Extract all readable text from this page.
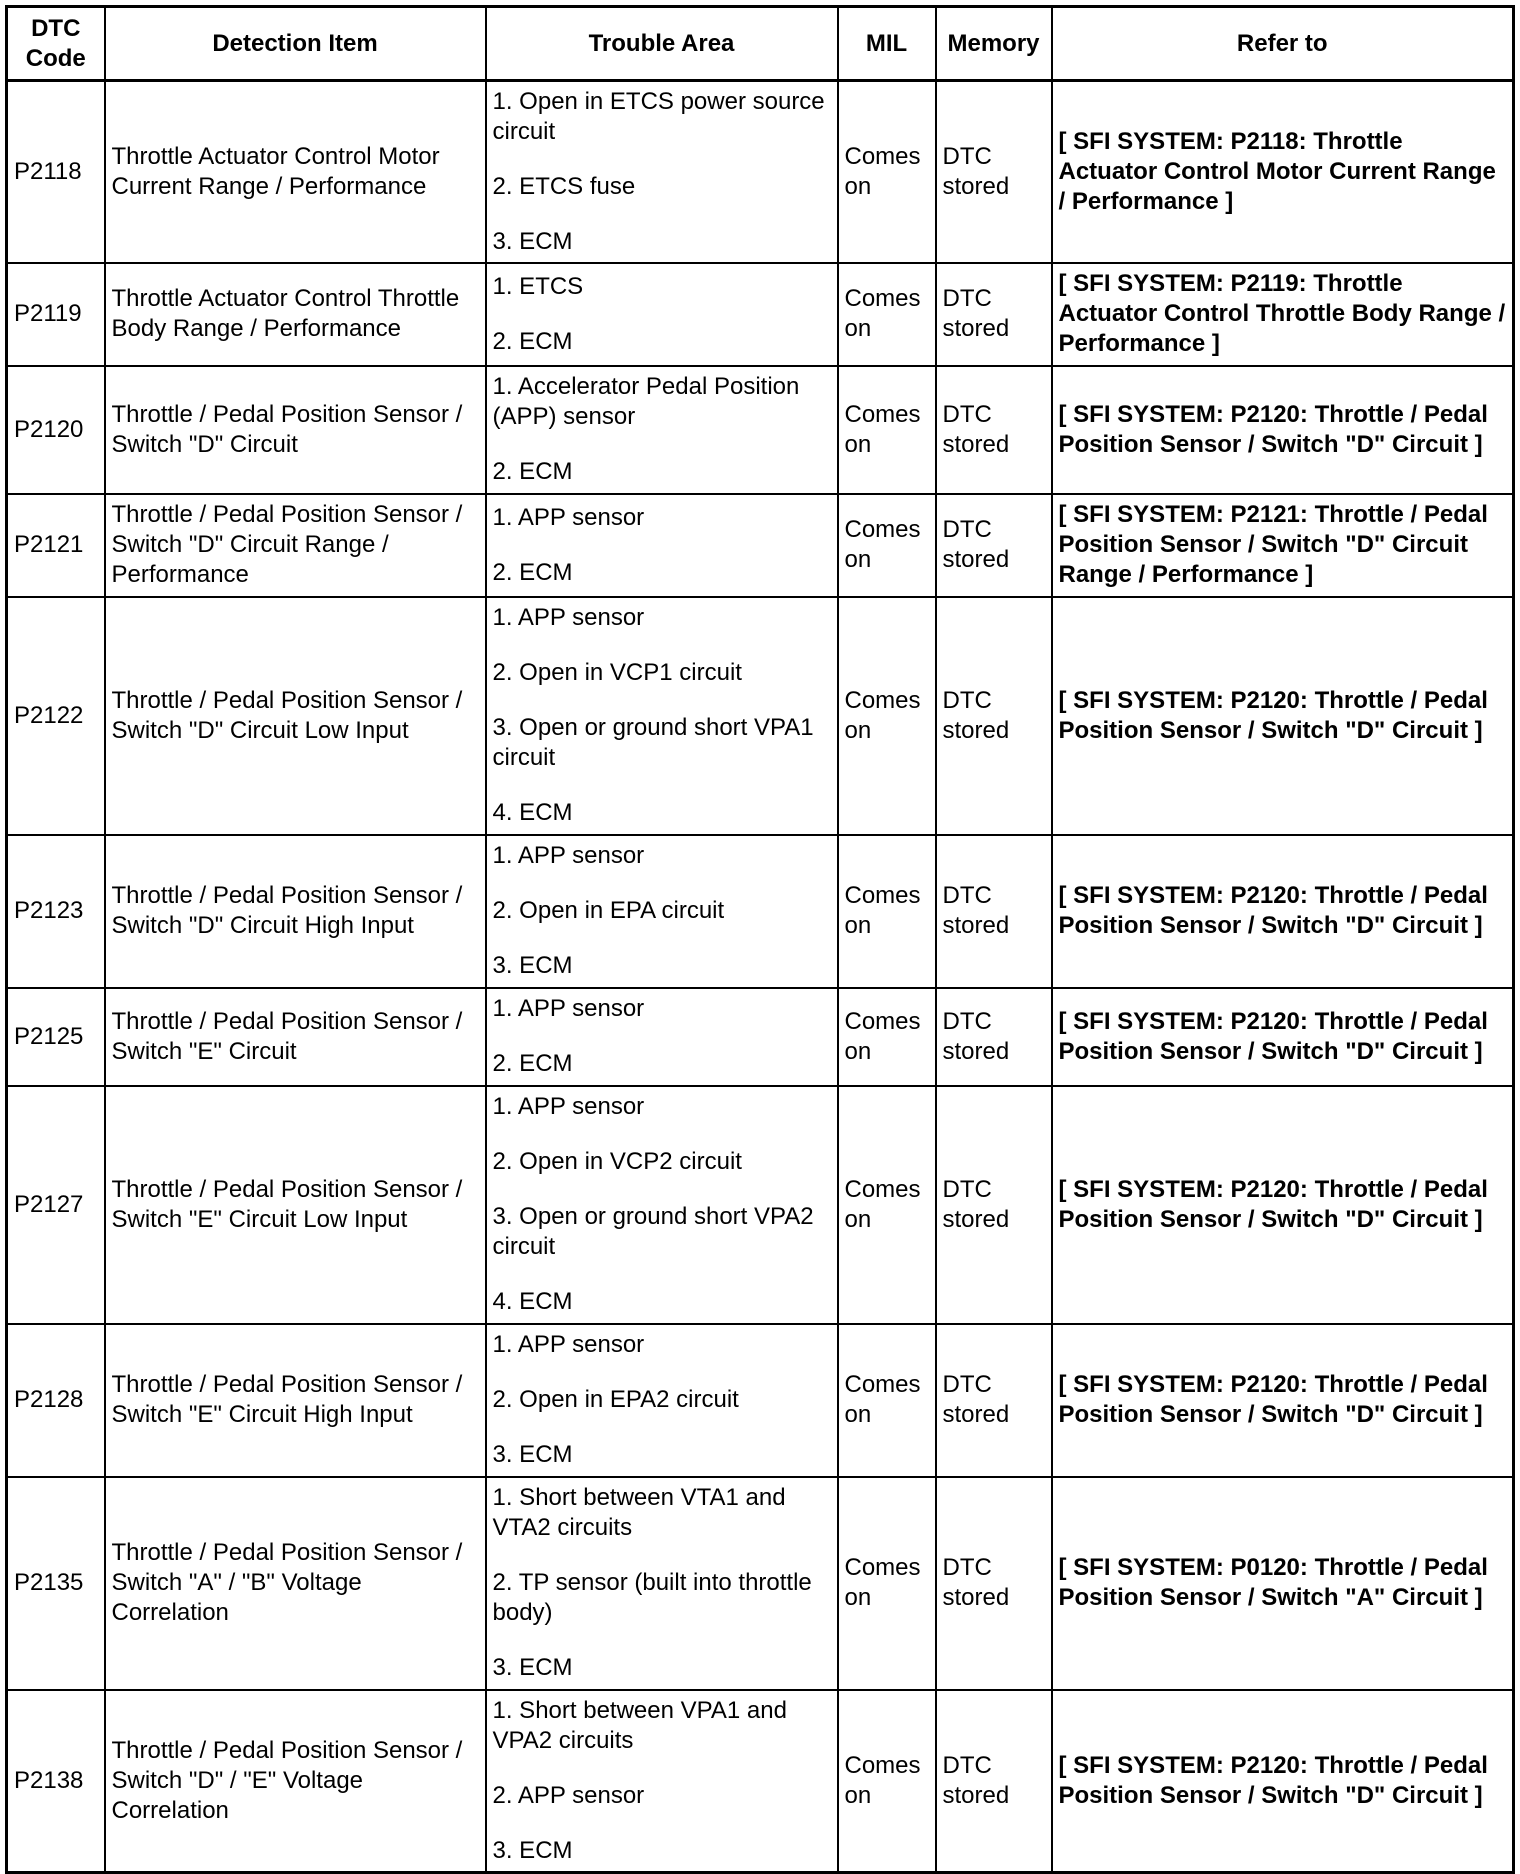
DTC
Code	Detection Item	Trouble Area	MIL	Memory	Refer to
P2118	Throttle Actuator Control Motor Current Range / Performance	1. Open in ETCS power source circuit
2. ETCS fuse
3. ECM	Comes on	DTC stored	[ SFI SYSTEM: P2118: Throttle Actuator Control Motor Current Range / Performance ]
P2119	Throttle Actuator Control Throttle Body Range / Performance	1. ETCS
2. ECM	Comes on	DTC stored	[ SFI SYSTEM: P2119: Throttle Actuator Control Throttle Body Range / Performance ]
P2120	Throttle / Pedal Position Sensor / Switch "D" Circuit	1. Accelerator Pedal Position (APP) sensor
2. ECM	Comes on	DTC stored	[ SFI SYSTEM: P2120: Throttle / Pedal Position Sensor / Switch "D" Circuit ]
P2121	Throttle / Pedal Position Sensor / Switch "D" Circuit Range / Performance	1. APP sensor
2. ECM	Comes on	DTC stored	[ SFI SYSTEM: P2121: Throttle / Pedal Position Sensor / Switch "D" Circuit Range / Performance ]
P2122	Throttle / Pedal Position Sensor / Switch "D" Circuit Low Input	1. APP sensor
2. Open in VCP1 circuit
3. Open or ground short VPA1 circuit
4. ECM	Comes on	DTC stored	[ SFI SYSTEM: P2120: Throttle / Pedal Position Sensor / Switch "D" Circuit ]
P2123	Throttle / Pedal Position Sensor / Switch "D" Circuit High Input	1. APP sensor
2. Open in EPA circuit
3. ECM	Comes on	DTC stored	[ SFI SYSTEM: P2120: Throttle / Pedal Position Sensor / Switch "D" Circuit ]
P2125	Throttle / Pedal Position Sensor / Switch "E" Circuit	1. APP sensor
2. ECM	Comes on	DTC stored	[ SFI SYSTEM: P2120: Throttle / Pedal Position Sensor / Switch "D" Circuit ]
P2127	Throttle / Pedal Position Sensor / Switch "E" Circuit Low Input	1. APP sensor
2. Open in VCP2 circuit
3. Open or ground short VPA2 circuit
4. ECM	Comes on	DTC stored	[ SFI SYSTEM: P2120: Throttle / Pedal Position Sensor / Switch "D" Circuit ]
P2128	Throttle / Pedal Position Sensor / Switch "E" Circuit High Input	1. APP sensor
2. Open in EPA2 circuit
3. ECM	Comes on	DTC stored	[ SFI SYSTEM: P2120: Throttle / Pedal Position Sensor / Switch "D" Circuit ]
P2135	Throttle / Pedal Position Sensor / Switch "A" / "B" Voltage Correlation	1. Short between VTA1 and VTA2 circuits
2. TP sensor (built into throttle body)
3. ECM	Comes on	DTC stored	[ SFI SYSTEM: P0120: Throttle / Pedal Position Sensor / Switch "A" Circuit ]
P2138	Throttle / Pedal Position Sensor / Switch "D" / "E" Voltage Correlation	1. Short between VPA1 and VPA2 circuits
2. APP sensor
3. ECM	Comes on	DTC stored	[ SFI SYSTEM: P2120: Throttle / Pedal Position Sensor / Switch "D" Circuit ]
